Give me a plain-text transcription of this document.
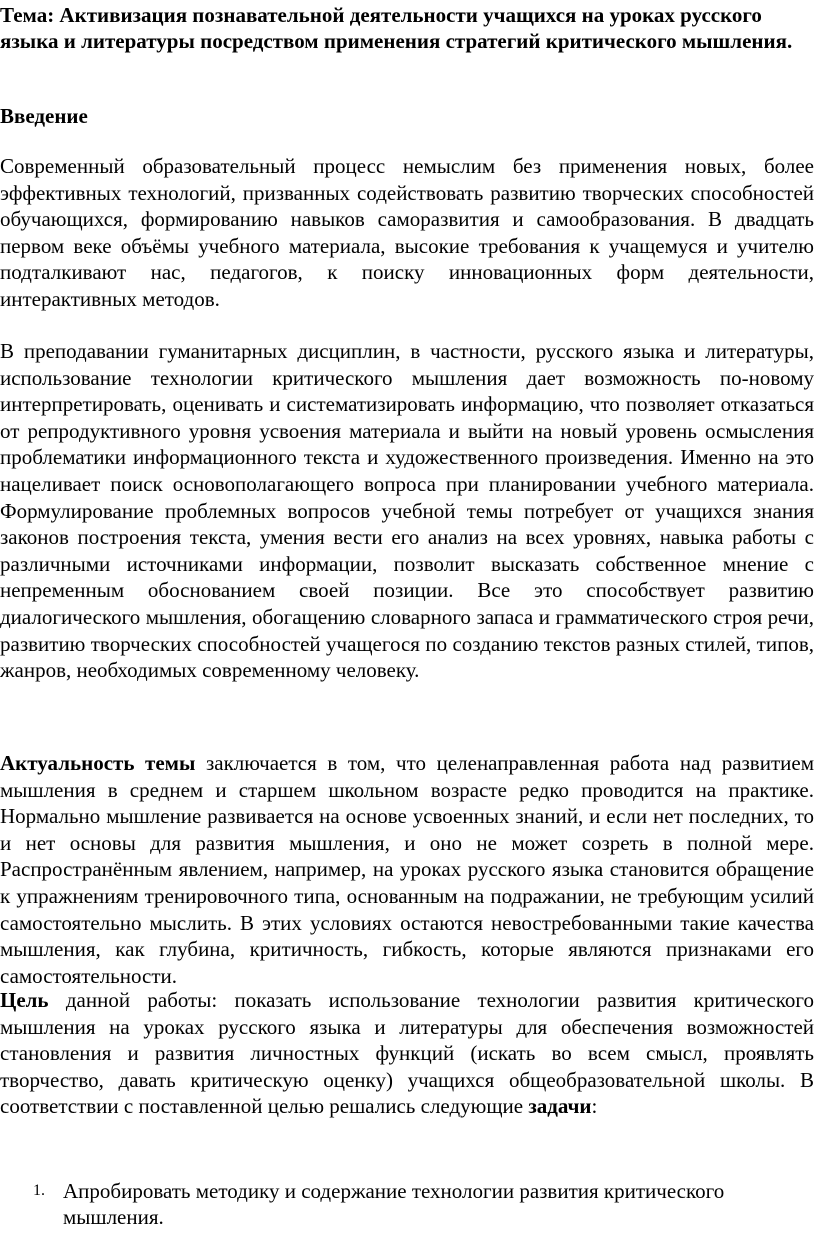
Тема: Активизация познавательной деятельности учащихся на уроках русского языка и литературы посредством применения стратегий критического мышления.

Введение

Современный образовательный процесс немыслим без применения новых, более эффективных технологий, призванных содействовать развитию творческих способностей обучающихся, формированию навыков саморазвития и самообразования. В двадцать первом веке объёмы учебного материала, высокие требования к учащемуся и учителю подталкивают нас, педагогов, к поиску инновационных форм деятельности, интерактивных методов.

В преподавании гуманитарных дисциплин, в частности, русского языка и литературы, использование технологии критического мышления дает возможность по-новому интерпретировать, оценивать и систематизировать информацию, что позволяет отказаться от репродуктивного уровня усвоения материала и выйти на новый уровень осмысления проблематики информационного текста и художественного произведения. Именно на это нацеливает поиск основополагающего вопроса при планировании учебного материала. Формулирование проблемных вопросов учебной темы потребует от учащихся знания законов построения текста, умения вести его анализ на всех уровнях, навыка работы с различными источниками информации, позволит высказать собственное мнение с непременным обоснованием своей позиции. Все это способствует развитию диалогического мышления, обогащению словарного запаса и грамматического строя речи, развитию творческих способностей учащегося по созданию текстов разных стилей, типов, жанров, необходимых современному человеку.

Актуальность темы заключается в том, что целенаправленная работа над развитием мышления в среднем и старшем школьном возрасте редко проводится на практике. Нормально мышление развивается на основе усвоенных знаний, и если нет последних, то и нет основы для развития мышления, и оно не может созреть в полной мере. Распространённым явлением, например, на уроках русского языка становится обращение к упражнениям тренировочного типа, основанным на подражании, не требующим усилий самостоятельно мыслить. В этих условиях остаются невостребованными такие качества мышления, как глубина, критичность, гибкость, которые являются признаками его самостоятельности.

Цель данной работы: показать использование технологии развития критического мышления на уроках русского языка и литературы для обеспечения возможностей становления и развития личностных функций (искать во всем смысл, проявлять творчество, давать критическую оценку) учащихся общеобразовательной школы. В соответствии с поставленной целью решались следующие задачи:

1. Апробировать методику и содержание технологии развития критического мышления.
